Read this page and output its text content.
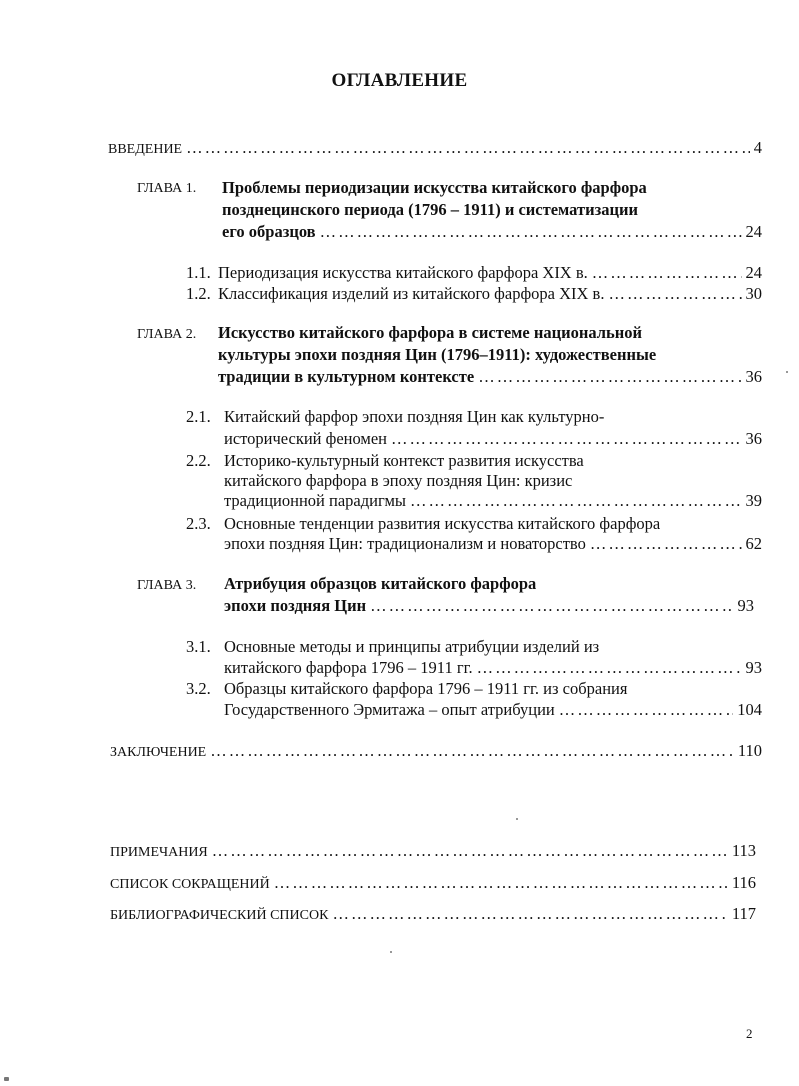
ОГЛАВЛЕНИЕ
ВВЕДЕНИЕ ……………………………………………………………………………………………………………………………………………	4
ГЛАВА 1. Проблемы периодизации искусства китайского фарфора
позднецинского периода (1796 – 1911) и систематизации
его образцов ……………………………………………………………………………………………………………………………………………	24
1.1. Периодизация искусства китайского фарфора XIX в. ……………………………………………………………………………………………………………………………………………	24
1.2. Классификация изделий из китайского фарфора XIX в. ……………………………………………………………………………………………………………………………………………	30
ГЛАВА 2. Искусство китайского фарфора в системе национальной
культуры эпохи поздняя Цин (1796–1911): художественные
традиции в культурном контексте ……………………………………………………………………………………………………………………………………………	36
2.1. Китайский фарфор эпохи поздняя Цин как культурно-
исторический феномен ……………………………………………………………………………………………………………………………………………	36
2.2. Историко-культурный контекст развития искусства
китайского фарфора в эпоху поздняя Цин: кризис
традиционной парадигмы ……………………………………………………………………………………………………………………………………………	39
2.3. Основные тенденции развития искусства китайского фарфора
эпохи поздняя Цин: традиционализм и новаторство ……………………………………………………………………………………………………………………………………………	62
ГЛАВА 3. Атрибуция образцов китайского фарфора
эпохи поздняя Цин ……………………………………………………………………………………………………………………………………………	93
3.1. Основные методы и принципы атрибуции изделий из
китайского фарфора 1796 – 1911 гг. ……………………………………………………………………………………………………………………………………………	93
3.2. Образцы китайского фарфора 1796 – 1911 гг. из собрания
Государственного Эрмитажа – опыт атрибуции ……………………………………………………………………………………………………………………………………………	104
ЗАКЛЮЧЕНИЕ ……………………………………………………………………………………………………………………………………………	110
ПРИМЕЧАНИЯ ……………………………………………………………………………………………………………………………………………	113
СПИСОК СОКРАЩЕНИЙ ……………………………………………………………………………………………………………………………………………	116
БИБЛИОГРАФИЧЕСКИЙ СПИСОК ……………………………………………………………………………………………………………………………………………	117
2
